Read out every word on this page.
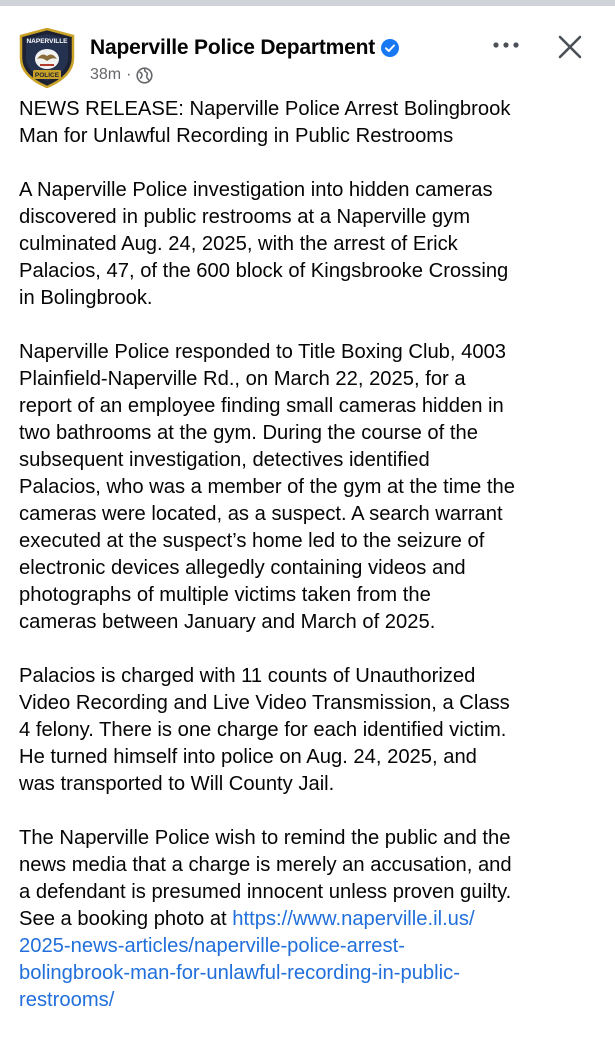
NAPERVILLE
POLICE
Naperville Police Department
38m ·

NEWS RELEASE: Naperville Police Arrest Bolingbrook
Man for Unlawful Recording in Public Restrooms

A Naperville Police investigation into hidden cameras
discovered in public restrooms at a Naperville gym
culminated Aug. 24, 2025, with the arrest of Erick
Palacios, 47, of the 600 block of Kingsbrooke Crossing
in Bolingbrook.

Naperville Police responded to Title Boxing Club, 4003
Plainfield-Naperville Rd., on March 22, 2025, for a
report of an employee finding small cameras hidden in
two bathrooms at the gym. During the course of the
subsequent investigation, detectives identified
Palacios, who was a member of the gym at the time the
cameras were located, as a suspect. A search warrant
executed at the suspect’s home led to the seizure of
electronic devices allegedly containing videos and
photographs of multiple victims taken from the
cameras between January and March of 2025.

Palacios is charged with 11 counts of Unauthorized
Video Recording and Live Video Transmission, a Class
4 felony. There is one charge for each identified victim.
He turned himself into police on Aug. 24, 2025, and
was transported to Will County Jail.

The Naperville Police wish to remind the public and the
news media that a charge is merely an accusation, and
a defendant is presumed innocent unless proven guilty.
See a booking photo at https://www.naperville.il.us/
2025-news-articles/naperville-police-arrest-
bolingbrook-man-for-unlawful-recording-in-public-
restrooms/
